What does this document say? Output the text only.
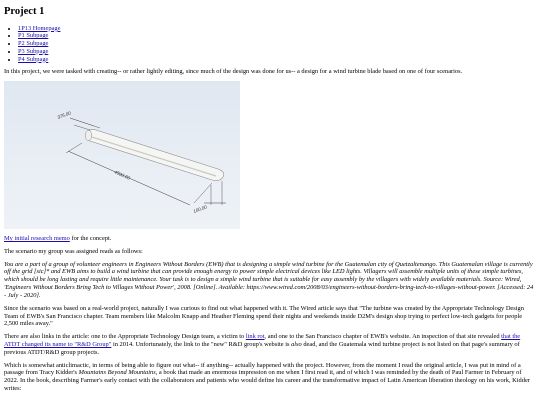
Project 1
• 1P13 Homepage
• P1 Subpage
• P2 Subpage
• P3 Subpage
• P4 Subpage

In this project, we were tasked with creating-- or rather lightly editing, since much of the design was done for us-- a design for a wind turbine blade based on one of four scenarios.

375.00
4500.00
100.00

My initial research memo for the concept.

The scenario my group was assigned reads as follows:

You are a part of a group of volunteer engineers in Engineers Without Borders (EWB) that is designing a simple wind turbine for the Guatemalan city of Quetzaltenango. This Guatemalan village is currently off the grid [sic]* and EWB aims to build a wind turbine that can provide enough energy to power simple electrical devices like LED lights. Villagers will assemble multiple units of these simple turbines, which should be long lasting and require little maintenance. Your task is to design a simple wind turbine that is suitable for easy assembly by the villagers with widely available materials. Source: Wired, 'Engineers Without Borders Bring Tech to Villages Without Power', 2008. [Online]. Available: https://www.wired.com/2008/03/engineers-without-borders-bring-tech-to-villages-without-power. [Accessed: 24 - July - 2020].

Since the scenario was based on a real-world project, naturally I was curious to find out what happened with it. The Wired article says that "The turbine was created by the Appropriate Technology Design Team of EWB's San Francisco chapter. Team members like Malcolm Knapp and Heather Fleming spend their nights and weekends inside D2M's design shop trying to perfect low-tech gadgets for people 2,500 miles away."

There are also links in the article: one to the Appropriate Technology Design team, a victim to link rot, and one to the San Francisco chapter of EWB's website. An inspection of that site revealed that the ATDT changed its name to "R&D Group" in 2014. Unfortunately, the link to the "new" R&D group's website is also dead, and the Guatemala wind turbine project is not listed on that page's summary of previous ATDT/R&D group projects.

Which is somewhat anticlimactic, in terms of being able to figure out what-- if anything-- actually happened with the project. However, from the moment I read the original article, I was put in mind of a passage from Tracy Kidder's Mountains Beyond Mountains, a book that made an enormous impression on me when I first read it, and of which I was reminded by the death of Paul Farmer in February of 2022. In the book, describing Farmer's early contact with the collaborators and patients who would define his career and the transformative impact of Latin American liberation theology on his work, Kidder writes:
